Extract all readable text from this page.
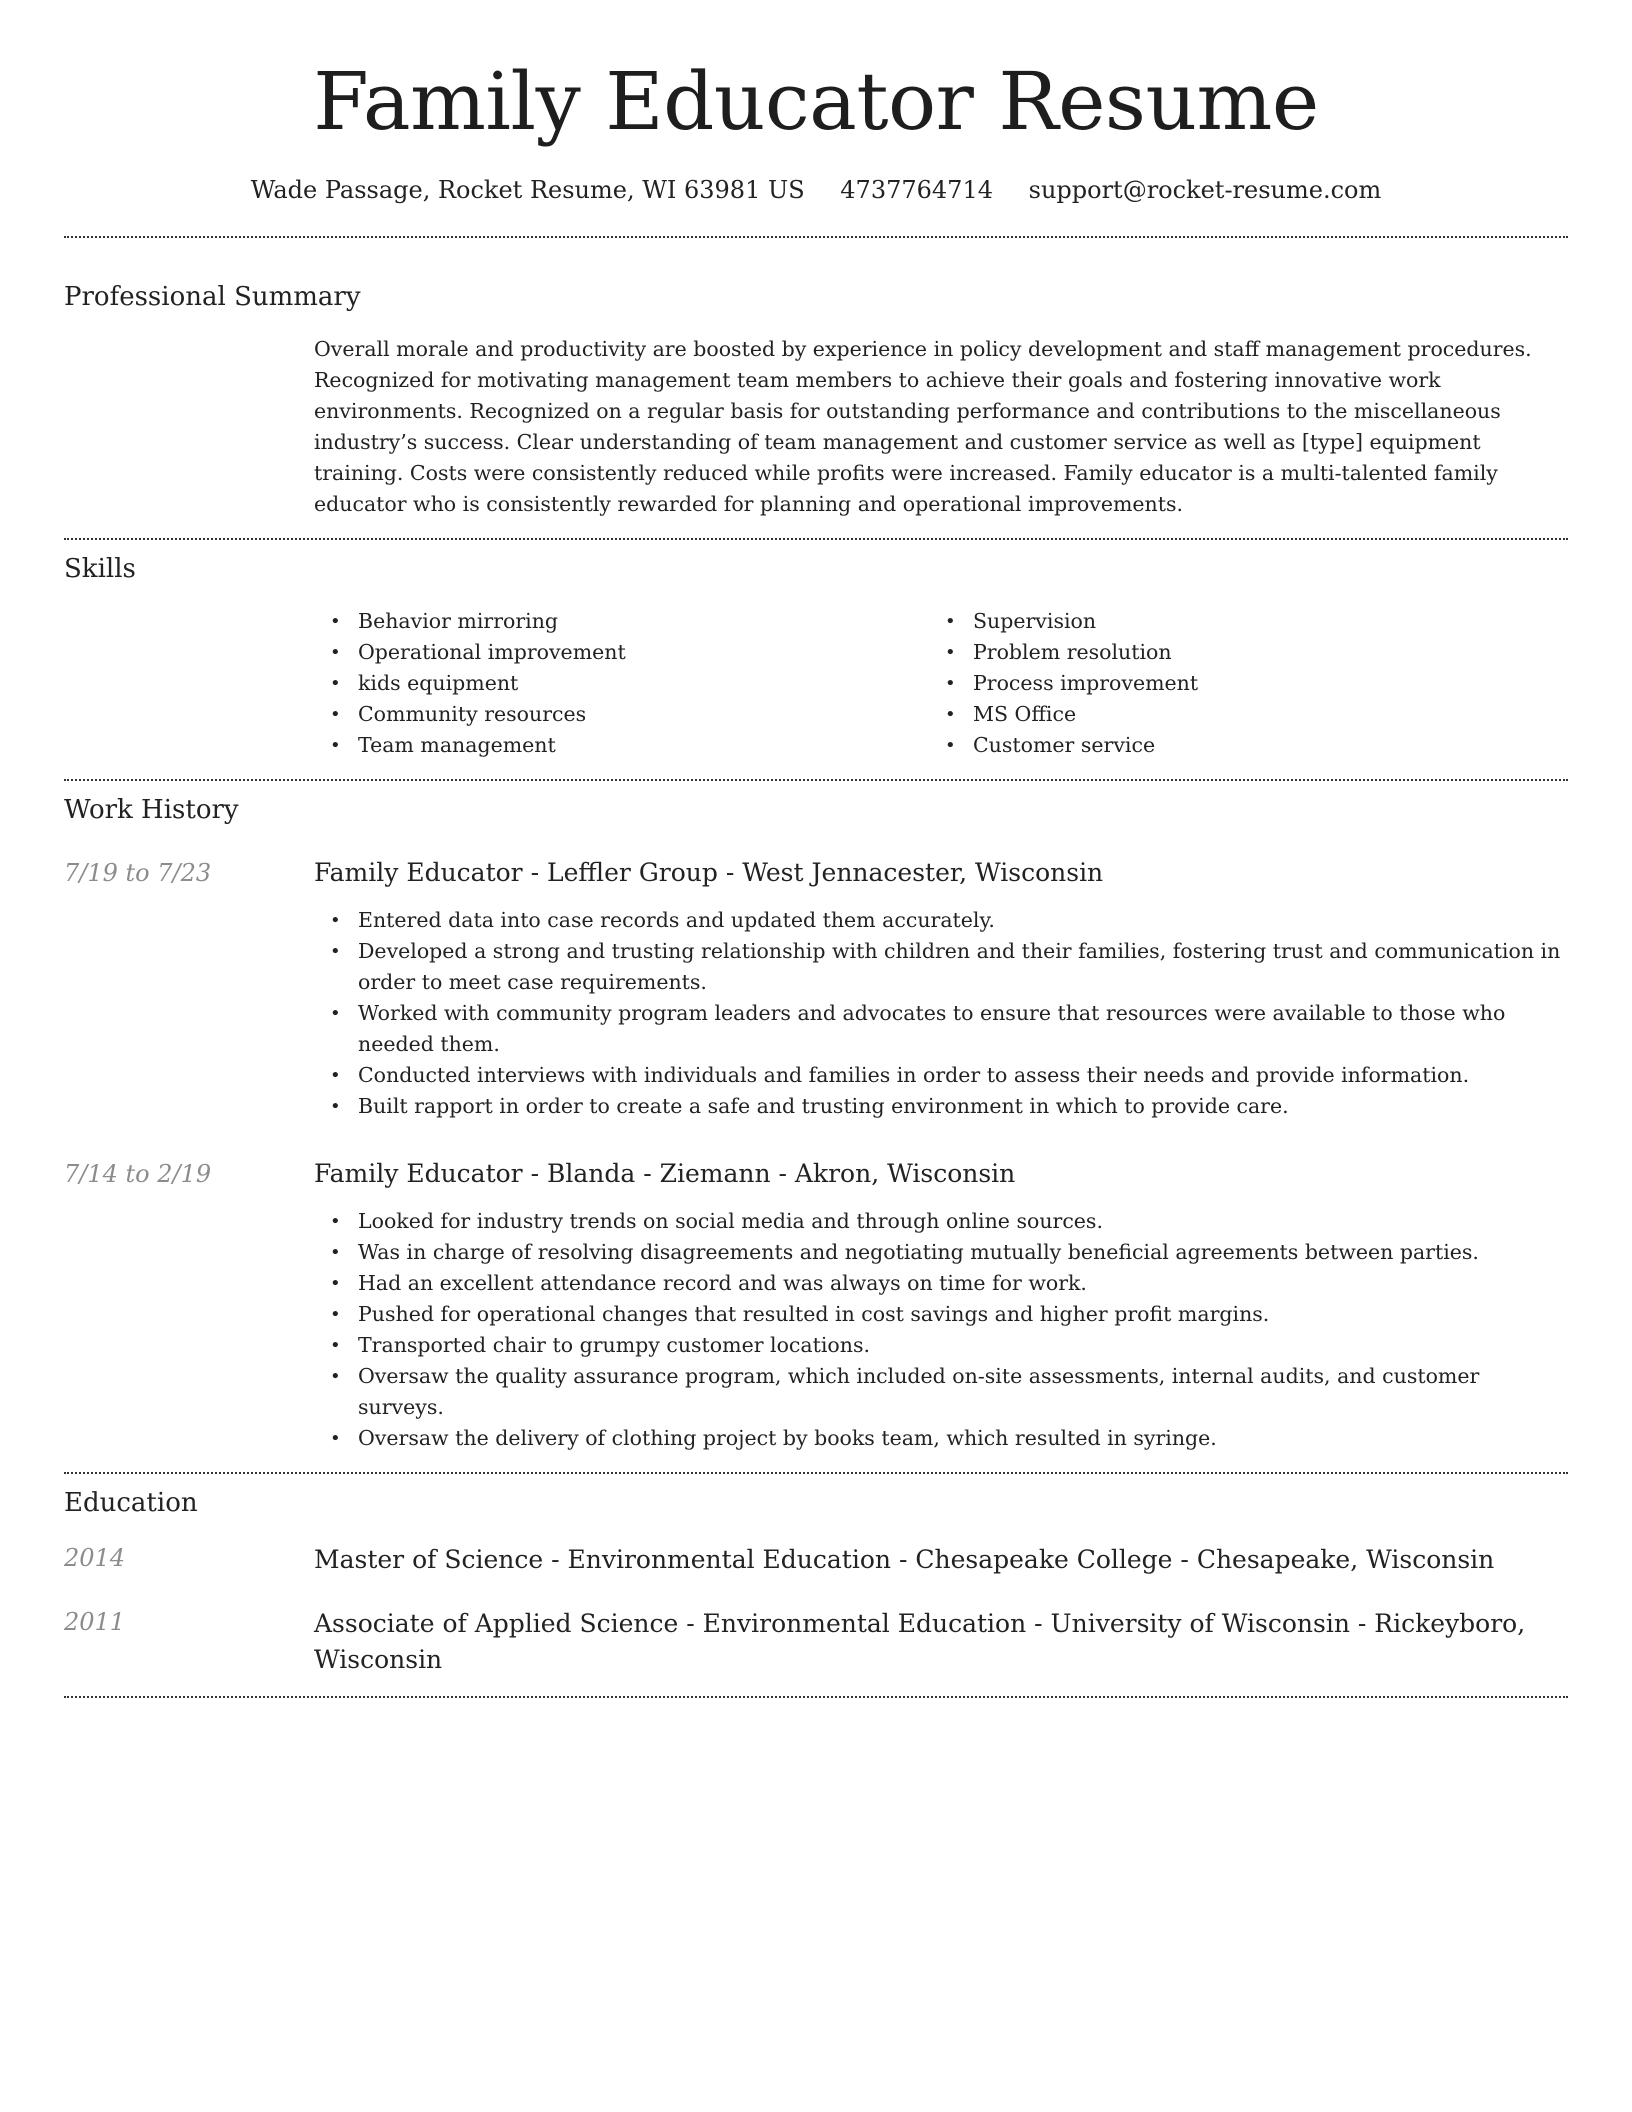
Family Educator Resume
Wade Passage, Rocket Resume, WI 63981 US 4737764714 support@rocket-resume.com
Professional Summary

Overall morale and productivity are boosted by experience in policy development and staff management procedures. Recognized for motivating management team members to achieve their goals and fostering innovative work environments. Recognized on a regular basis for outstanding performance and contributions to the miscellaneous industry’s success. Clear understanding of team management and customer service as well as [type] equipment training. Costs were consistently reduced while profits were increased. Family educator is a multi-talented family educator who is consistently rewarded for planning and operational improvements.

Skills
• Behavior mirroring
• Operational improvement
• kids equipment
• Community resources
• Team management
• Supervision
• Problem resolution
• Process improvement
• MS Office
• Customer service
Work History
7/19 to 7/23	Family Educator - Leffler Group - West Jennacester, Wisconsin
• Entered data into case records and updated them accurately.
• Developed a strong and trusting relationship with children and their families, fostering trust and communication in order to meet case requirements.
• Worked with community program leaders and advocates to ensure that resources were available to those who needed them.
• Conducted interviews with individuals and families in order to assess their needs and provide information.
• Built rapport in order to create a safe and trusting environment in which to provide care.
7/14 to 2/19	Family Educator - Blanda - Ziemann - Akron, Wisconsin
• Looked for industry trends on social media and through online sources.
• Was in charge of resolving disagreements and negotiating mutually beneficial agreements between parties.
• Had an excellent attendance record and was always on time for work.
• Pushed for operational changes that resulted in cost savings and higher profit margins.
• Transported chair to grumpy customer locations.
• Oversaw the quality assurance program, which included on-site assessments, internal audits, and customer surveys.
• Oversaw the delivery of clothing project by books team, which resulted in syringe.
Education
2014	Master of Science - Environmental Education - Chesapeake College - Chesapeake, Wisconsin
2011	Associate of Applied Science - Environmental Education - University of Wisconsin - Rickeyboro, Wisconsin
